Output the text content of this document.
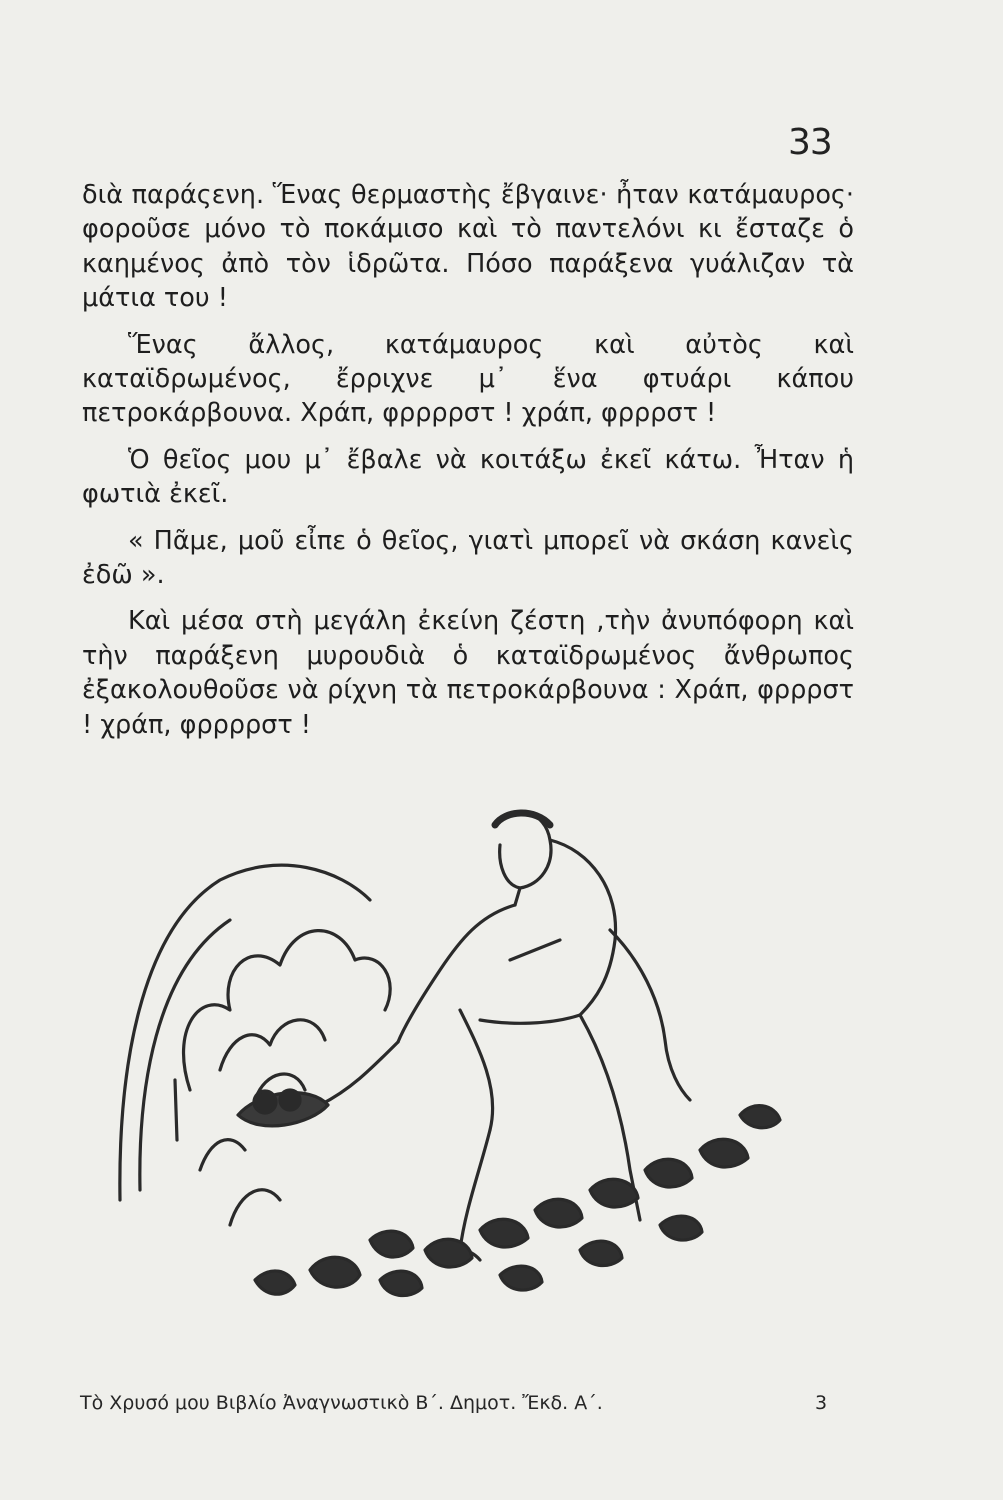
33

διὰ παράςενη. Ἕνας θερμαστὴς ἔβγαινε· ἦταν κατάμαυρος· φοροῦσε μόνο τὸ ποκάμισο καὶ τὸ παντελόνι κι ἔσταζε ὁ καημένος ἀπὸ τὸν ἱδρῶτα. Πόσο παράξενα γυάλιζαν τὰ μάτια του !

Ἕνας ἄλλος, κατάμαυρος καὶ αὐτὸς καὶ καταϊδρωμένος, ἔρριχνε μ᾽ ἕνα φτυάρι κάπου πετροκάρβουνα. Χράπ, φρρρρστ ! χράπ, φρρρστ !

Ὁ θεῖος μου μ᾽ ἔβαλε νὰ κοιτάξω ἐκεῖ κάτω. Ἦταν ἡ φωτιὰ ἐκεῖ.

« Πᾶμε, μοῦ εἶπε ὁ θεῖος, γιατὶ μπορεῖ νὰ σκάση κανεὶς ἐδῶ ».

Καὶ μέσα στὴ μεγάλη ἐκείνη ζέστη ,τὴν ἀνυπόφορη καὶ τὴν παράξενη μυρουδιὰ ὁ καταϊδρωμένος ἄνθρωπος ἐξακολουθοῦσε νὰ ρίχνη τὰ πετροκάρβουνα : Χράπ, φρρρστ ! χράπ, φρρρρστ !

Τὸ Χρυσό μου Βιβλίο Ἀναγνωστικὸ Β΄. Δημοτ. Ἔκδ. Α΄.	3
